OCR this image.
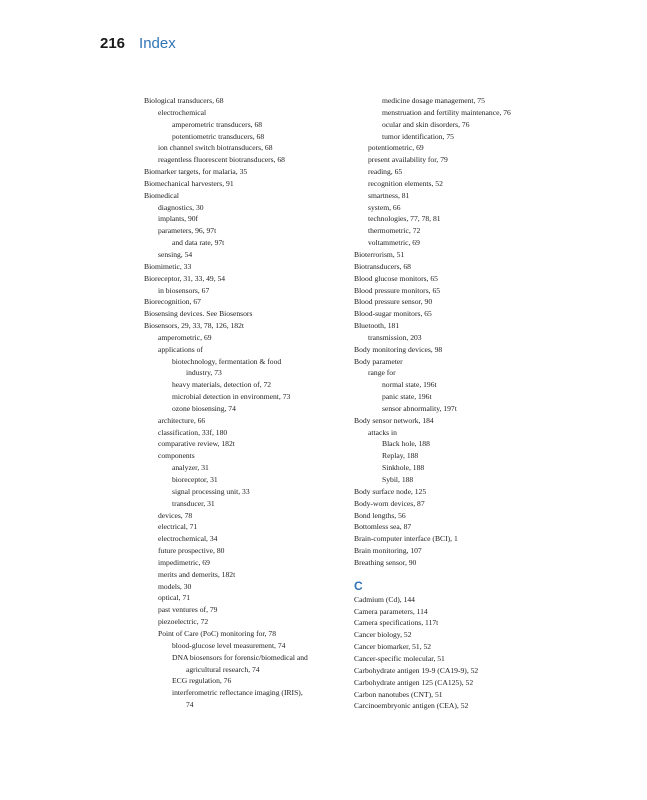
216 Index
Biological transducers, 68
electrochemical
amperometric transducers, 68
potentiometric transducers, 68
ion channel switch biotransducers, 68
reagentless fluorescent biotransducers, 68
Biomarker targets, for malaria, 35
Biomechanical harvesters, 91
Biomedical
diagnostics, 30
implants, 90f
parameters, 96, 97t
and data rate, 97t
sensing, 54
Biomimetic, 33
Bioreceptor, 31, 33, 49, 54
in biosensors, 67
Biorecognition, 67
Biosensing devices. See Biosensors
Biosensors, 29, 33, 78, 126, 182t
amperometric, 69
applications of
biotechnology, fermentation & food
industry, 73
heavy materials, detection of, 72
microbial detection in environment, 73
ozone biosensing, 74
architecture, 66
classification, 33f, 180
comparative review, 182t
components
analyzer, 31
bioreceptor, 31
signal processing unit, 33
transducer, 31
devices, 78
electrical, 71
electrochemical, 34
future prospective, 80
impedimetric, 69
merits and demerits, 182t
models, 30
optical, 71
past ventures of, 79
piezoelectric, 72
Point of Care (PoC) monitoring for, 78
blood-glucose level measurement, 74
DNA biosensors for forensic/biomedical and
agricultural research, 74
ECG regulation, 76
interferometric reflectance imaging (IRIS),
74
medicine dosage management, 75
menstruation and fertility maintenance, 76
ocular and skin disorders, 76
tumor identification, 75
potentiometric, 69
present availability for, 79
reading, 65
recognition elements, 52
smartness, 81
system, 66
technologies, 77, 78, 81
thermometric, 72
voltammetric, 69
Bioterrorism, 51
Biotransducers, 68
Blood glucose monitors, 65
Blood pressure monitors, 65
Blood pressure sensor, 90
Blood-sugar monitors, 65
Bluetooth, 181
transmission, 203
Body monitoring devices, 98
Body parameter
range for
normal state, 196t
panic state, 196t
sensor abnormality, 197t
Body sensor network, 184
attacks in
Black hole, 188
Replay, 188
Sinkhole, 188
Sybil, 188
Body surface node, 125
Body-worn devices, 87
Bond lengths, 56
Bottomless sea, 87
Brain-computer interface (BCI), 1
Brain monitoring, 107
Breathing sensor, 90
C
Cadmium (Cd), 144
Camera parameters, 114
Camera specifications, 117t
Cancer biology, 52
Cancer biomarker, 51, 52
Cancer-specific molecular, 51
Carbohydrate antigen 19-9 (CA19-9), 52
Carbohydrate antigen 125 (CA125), 52
Carbon nanotubes (CNT), 51
Carcinoembryonic antigen (CEA), 52
